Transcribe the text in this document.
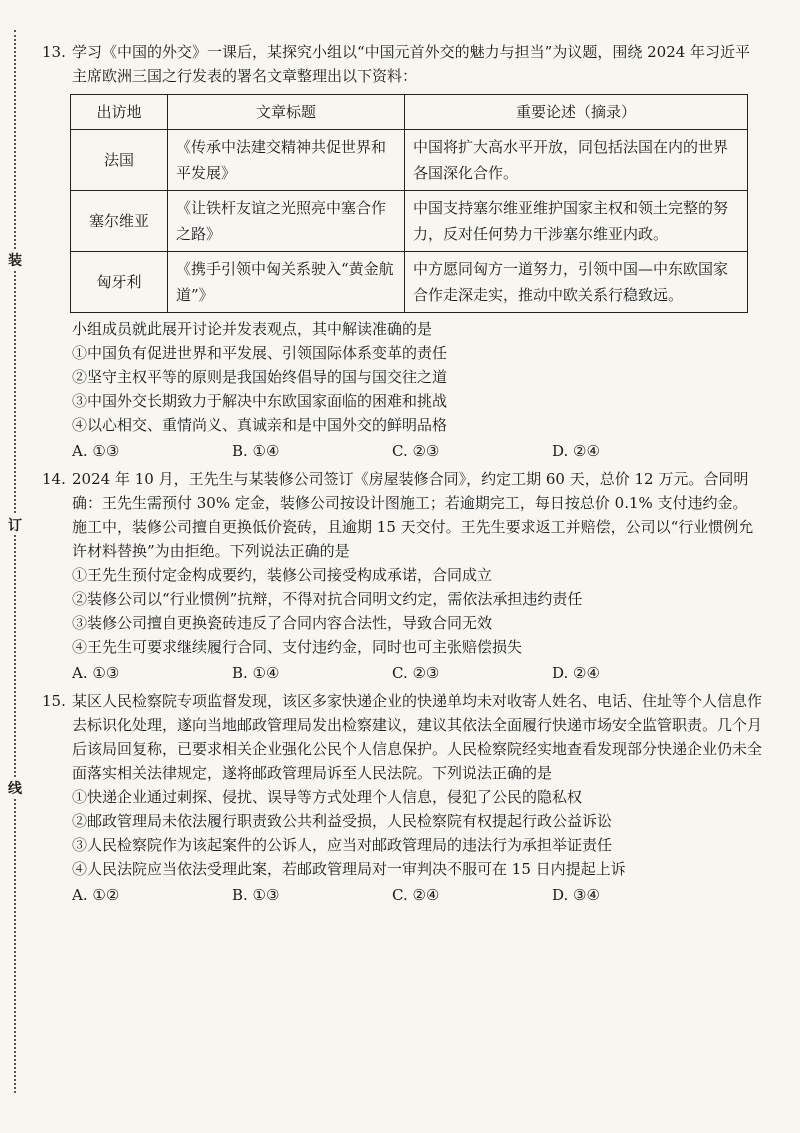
装
订
线

13. 学习《中国的外交》一课后，某探究小组以“中国元首外交的魅力与担当”为议题，围绕 2024 年习近平主席欧洲三国之行发表的署名文章整理出以下资料：

出访地	文章标题	重要论述（摘录）
法国	《传承中法建交精神共促世界和平发展》	中国将扩大高水平开放，同包括法国在内的世界各国深化合作。
塞尔维亚	《让铁杆友谊之光照亮中塞合作之路》	中国支持塞尔维亚维护国家主权和领土完整的努力，反对任何势力干涉塞尔维亚内政。
匈牙利	《携手引领中匈关系驶入“黄金航道”》	中方愿同匈方一道努力，引领中国—中东欧国家合作走深走实，推动中欧关系行稳致远。

小组成员就此展开讨论并发表观点，其中解读准确的是

①中国负有促进世界和平发展、引领国际体系变革的责任

②坚守主权平等的原则是我国始终倡导的国与国交往之道

③中国外交长期致力于解决中东欧国家面临的困难和挑战

④以心相交、重情尚义、真诚亲和是中国外交的鲜明品格

A. ①③	B. ①④	C. ②③	D. ②④

14. 2024 年 10 月，王先生与某装修公司签订《房屋装修合同》，约定工期 60 天，总价 12 万元。合同明确：王先生需预付 30% 定金，装修公司按设计图施工；若逾期完工，每日按总价 0.1% 支付违约金。施工中，装修公司擅自更换低价瓷砖，且逾期 15 天交付。王先生要求返工并赔偿，公司以“行业惯例允许材料替换”为由拒绝。下列说法正确的是

①王先生预付定金构成要约，装修公司接受构成承诺，合同成立

②装修公司以“行业惯例”抗辩，不得对抗合同明文约定，需依法承担违约责任

③装修公司擅自更换瓷砖违反了合同内容合法性，导致合同无效

④王先生可要求继续履行合同、支付违约金，同时也可主张赔偿损失

A. ①③	B. ①④	C. ②③	D. ②④

15. 某区人民检察院专项监督发现，该区多家快递企业的快递单均未对收寄人姓名、电话、住址等个人信息作去标识化处理，遂向当地邮政管理局发出检察建议，建议其依法全面履行快递市场安全监管职责。几个月后该局回复称，已要求相关企业强化公民个人信息保护。人民检察院经实地查看发现部分快递企业仍未全面落实相关法律规定，遂将邮政管理局诉至人民法院。下列说法正确的是

①快递企业通过刺探、侵扰、误导等方式处理个人信息，侵犯了公民的隐私权

②邮政管理局未依法履行职责致公共利益受损，人民检察院有权提起行政公益诉讼

③人民检察院作为该起案件的公诉人，应当对邮政管理局的违法行为承担举证责任

④人民法院应当依法受理此案，若邮政管理局对一审判决不服可在 15 日内提起上诉

A. ①②	B. ①③	C. ②④	D. ③④
